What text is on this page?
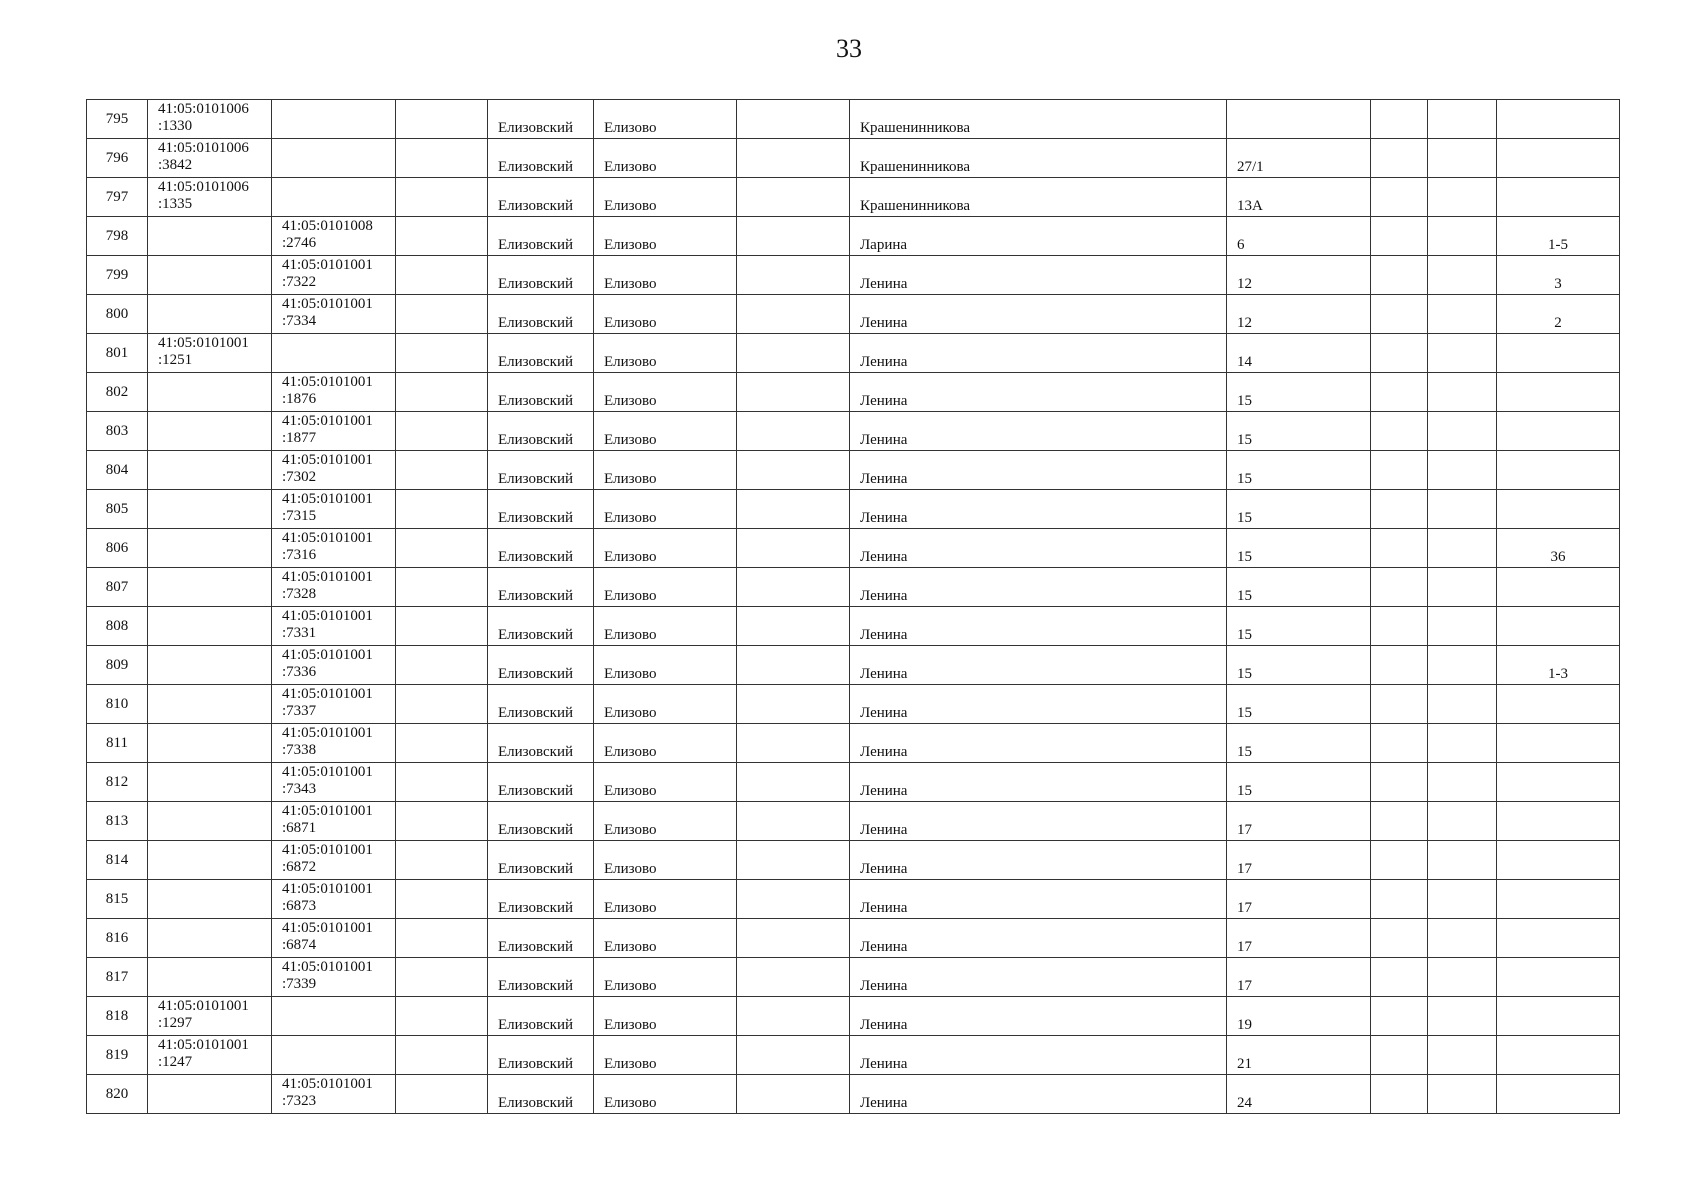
33
795	41:05:0101006
:1330			Елизовский	Елизово		Крашенинникова				

796	41:05:0101006
:3842			Елизовский	Елизово		Крашенинникова	27/1			

797	41:05:0101006
:1335			Елизовский	Елизово		Крашенинникова	13А			

798		41:05:0101008
:2746		Елизовский	Елизово		Ларина	6			1-5

799		41:05:0101001
:7322		Елизовский	Елизово		Ленина	12			3

800		41:05:0101001
:7334		Елизовский	Елизово		Ленина	12			2

801	41:05:0101001
:1251			Елизовский	Елизово		Ленина	14			

802		41:05:0101001
:1876		Елизовский	Елизово		Ленина	15			

803		41:05:0101001
:1877		Елизовский	Елизово		Ленина	15			

804		41:05:0101001
:7302		Елизовский	Елизово		Ленина	15			

805		41:05:0101001
:7315		Елизовский	Елизово		Ленина	15			

806		41:05:0101001
:7316		Елизовский	Елизово		Ленина	15			36

807		41:05:0101001
:7328		Елизовский	Елизово		Ленина	15			

808		41:05:0101001
:7331		Елизовский	Елизово		Ленина	15			

809		41:05:0101001
:7336		Елизовский	Елизово		Ленина	15			1-3

810		41:05:0101001
:7337		Елизовский	Елизово		Ленина	15			

811		41:05:0101001
:7338		Елизовский	Елизово		Ленина	15			

812		41:05:0101001
:7343		Елизовский	Елизово		Ленина	15			

813		41:05:0101001
:6871		Елизовский	Елизово		Ленина	17			

814		41:05:0101001
:6872		Елизовский	Елизово		Ленина	17			

815		41:05:0101001
:6873		Елизовский	Елизово		Ленина	17			

816		41:05:0101001
:6874		Елизовский	Елизово		Ленина	17			

817		41:05:0101001
:7339		Елизовский	Елизово		Ленина	17			

818	41:05:0101001
:1297			Елизовский	Елизово		Ленина	19			

819	41:05:0101001
:1247			Елизовский	Елизово		Ленина	21			

820		41:05:0101001
:7323		Елизовский	Елизово		Ленина	24			
